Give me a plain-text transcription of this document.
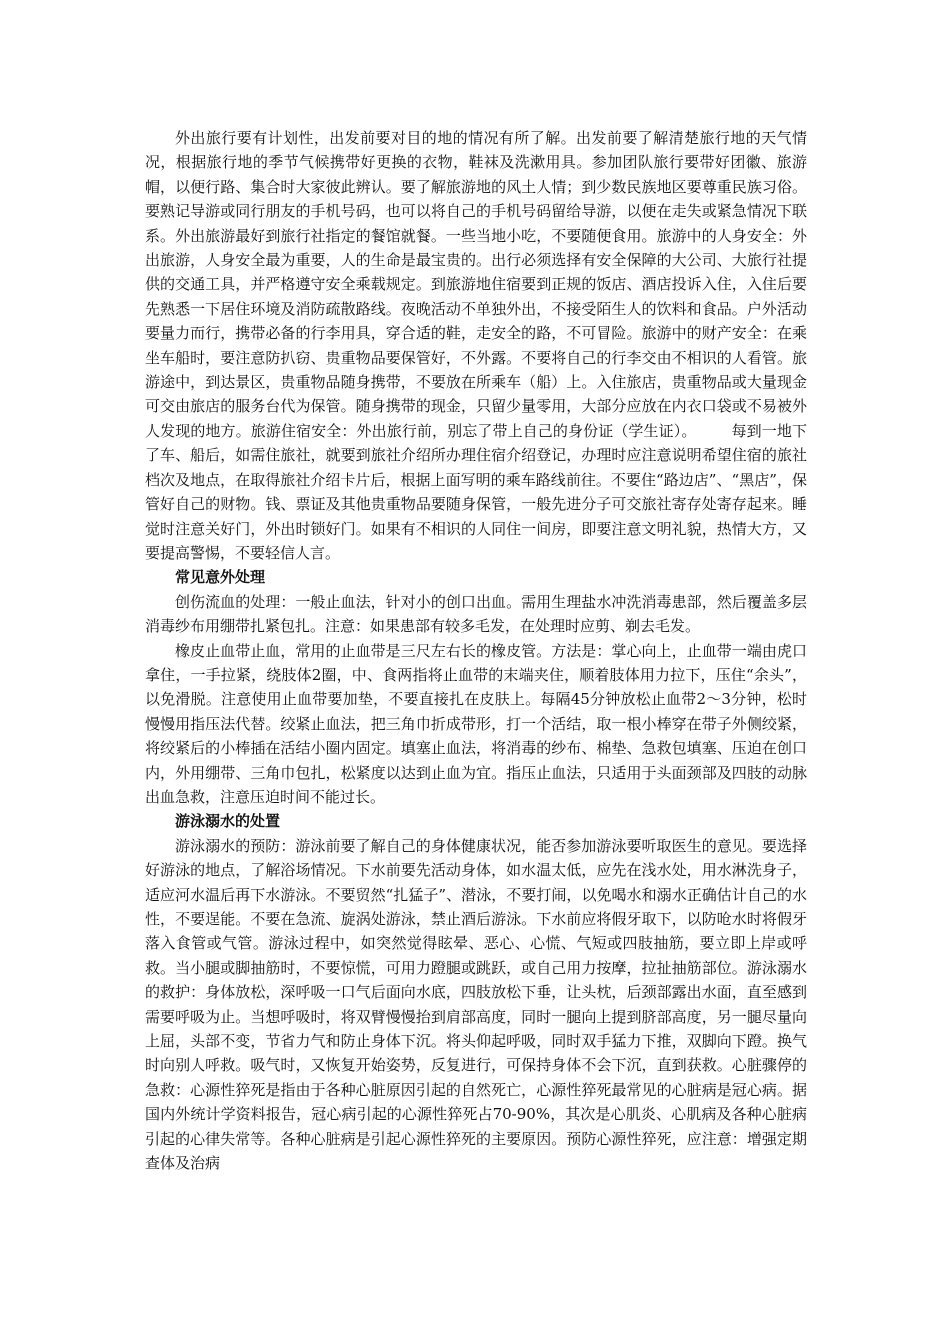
外出旅行要有计划性，出发前要对目的地的情况有所了解。出发前要了解清楚旅行地的天气情况，根据旅行地的季节气候携带好更换的衣物，鞋袜及洗漱用具。参加团队旅行要带好团徽、旅游帽，以便行路、集合时大家彼此辨认。要了解旅游地的风土人情；到少数民族地区要尊重民族习俗。要熟记导游或同行朋友的手机号码，也可以将自己的手机号码留给导游，以便在走失或紧急情况下联系。外出旅游最好到旅行社指定的餐馆就餐。一些当地小吃，不要随便食用。旅游中的人身安全：外出旅游，人身安全最为重要，人的生命是最宝贵的。出行必须选择有安全保障的大公司、大旅行社提供的交通工具，并严格遵守安全乘载规定。到旅游地住宿要到正规的饭店、酒店投诉入住，入住后要先熟悉一下居住环境及消防疏散路线。夜晚活动不单独外出，不接受陌生人的饮料和食品。户外活动要量力而行，携带必备的行李用具，穿合适的鞋，走安全的路，不可冒险。旅游中的财产安全：在乘坐车船时，要注意防扒窃、贵重物品要保管好，不外露。不要将自己的行李交由不相识的人看管。旅游途中，到达景区，贵重物品随身携带，不要放在所乘车（船）上。入住旅店，贵重物品或大量现金可交由旅店的服务台代为保管。随身携带的现金，只留少量零用，大部分应放在内衣口袋或不易被外人发现的地方。旅游住宿安全：外出旅行前，别忘了带上自己的身份证（学生证）。 　　每到一地下了车、船后，如需住旅社，就要到旅社介绍所办理住宿介绍登记，办理时应注意说明希望住宿的旅社档次及地点，在取得旅社介绍卡片后，根据上面写明的乘车路线前往。不要住“路边店”、“黑店”，保管好自己的财物。钱、票证及其他贵重物品要随身保管，一般先进分子可交旅社寄存处寄存起来。睡觉时注意关好门，外出时锁好门。如果有不相识的人同住一间房，即要注意文明礼貌，热情大方，又要提高警惕，不要轻信人言。

常见意外处理

创伤流血的处理：一般止血法，针对小的创口出血。需用生理盐水冲洗消毒患部，然后覆盖多层消毒纱布用绷带扎紧包扎。注意：如果患部有较多毛发，在处理时应剪、剃去毛发。

橡皮止血带止血，常用的止血带是三尺左右长的橡皮管。方法是：掌心向上，止血带一端由虎口拿住，一手拉紧，绕肢体2圈，中、食两指将止血带的末端夹住，顺着肢体用力拉下，压住“余头”，以免滑脱。注意使用止血带要加垫，不要直接扎在皮肤上。每隔45分钟放松止血带2～3分钟，松时慢慢用指压法代替。绞紧止血法，把三角巾折成带形，打一个活结，取一根小棒穿在带子外侧绞紧，将绞紧后的小棒插在活结小圈内固定。填塞止血法，将消毒的纱布、棉垫、急救包填塞、压迫在创口内，外用绷带、三角巾包扎，松紧度以达到止血为宜。指压止血法，只适用于头面颈部及四肢的动脉出血急救，注意压迫时间不能过长。

游泳溺水的处置

游泳溺水的预防：游泳前要了解自己的身体健康状况，能否参加游泳要听取医生的意见。要选择好游泳的地点，了解浴场情况。下水前要先活动身体，如水温太低，应先在浅水处，用水淋洗身子，适应河水温后再下水游泳。不要贸然“扎猛子”、潜泳，不要打闹，以免喝水和溺水正确估计自己的水性，不要逞能。不要在急流、旋涡处游泳，禁止酒后游泳。下水前应将假牙取下，以防呛水时将假牙落入食管或气管。游泳过程中，如突然觉得眩晕、恶心、心慌、气短或四肢抽筋，要立即上岸或呼救。当小腿或脚抽筋时，不要惊慌，可用力蹬腿或跳跃，或自己用力按摩，拉扯抽筋部位。游泳溺水的救护：身体放松，深呼吸一口气后面向水底，四肢放松下垂，让头枕，后颈部露出水面，直至感到需要呼吸为止。当想呼吸时，将双臂慢慢抬到肩部高度，同时一腿向上提到脐部高度，另一腿尽量向上屈，头部不变，节省力气和防止身体下沉。将头仰起呼吸，同时双手猛力下推，双脚向下蹬。换气时向别人呼救。吸气时，又恢复开始姿势，反复进行，可保持身体不会下沉，直到获救。心脏骤停的急救：心源性猝死是指由于各种心脏原因引起的自然死亡，心源性猝死最常见的心脏病是冠心病。据国内外统计学资料报告，冠心病引起的心源性猝死占70-90%，其次是心肌炎、心肌病及各种心脏病引起的心律失常等。各种心脏病是引起心源性猝死的主要原因。预防心源性猝死，应注意：增强定期查体及治病
